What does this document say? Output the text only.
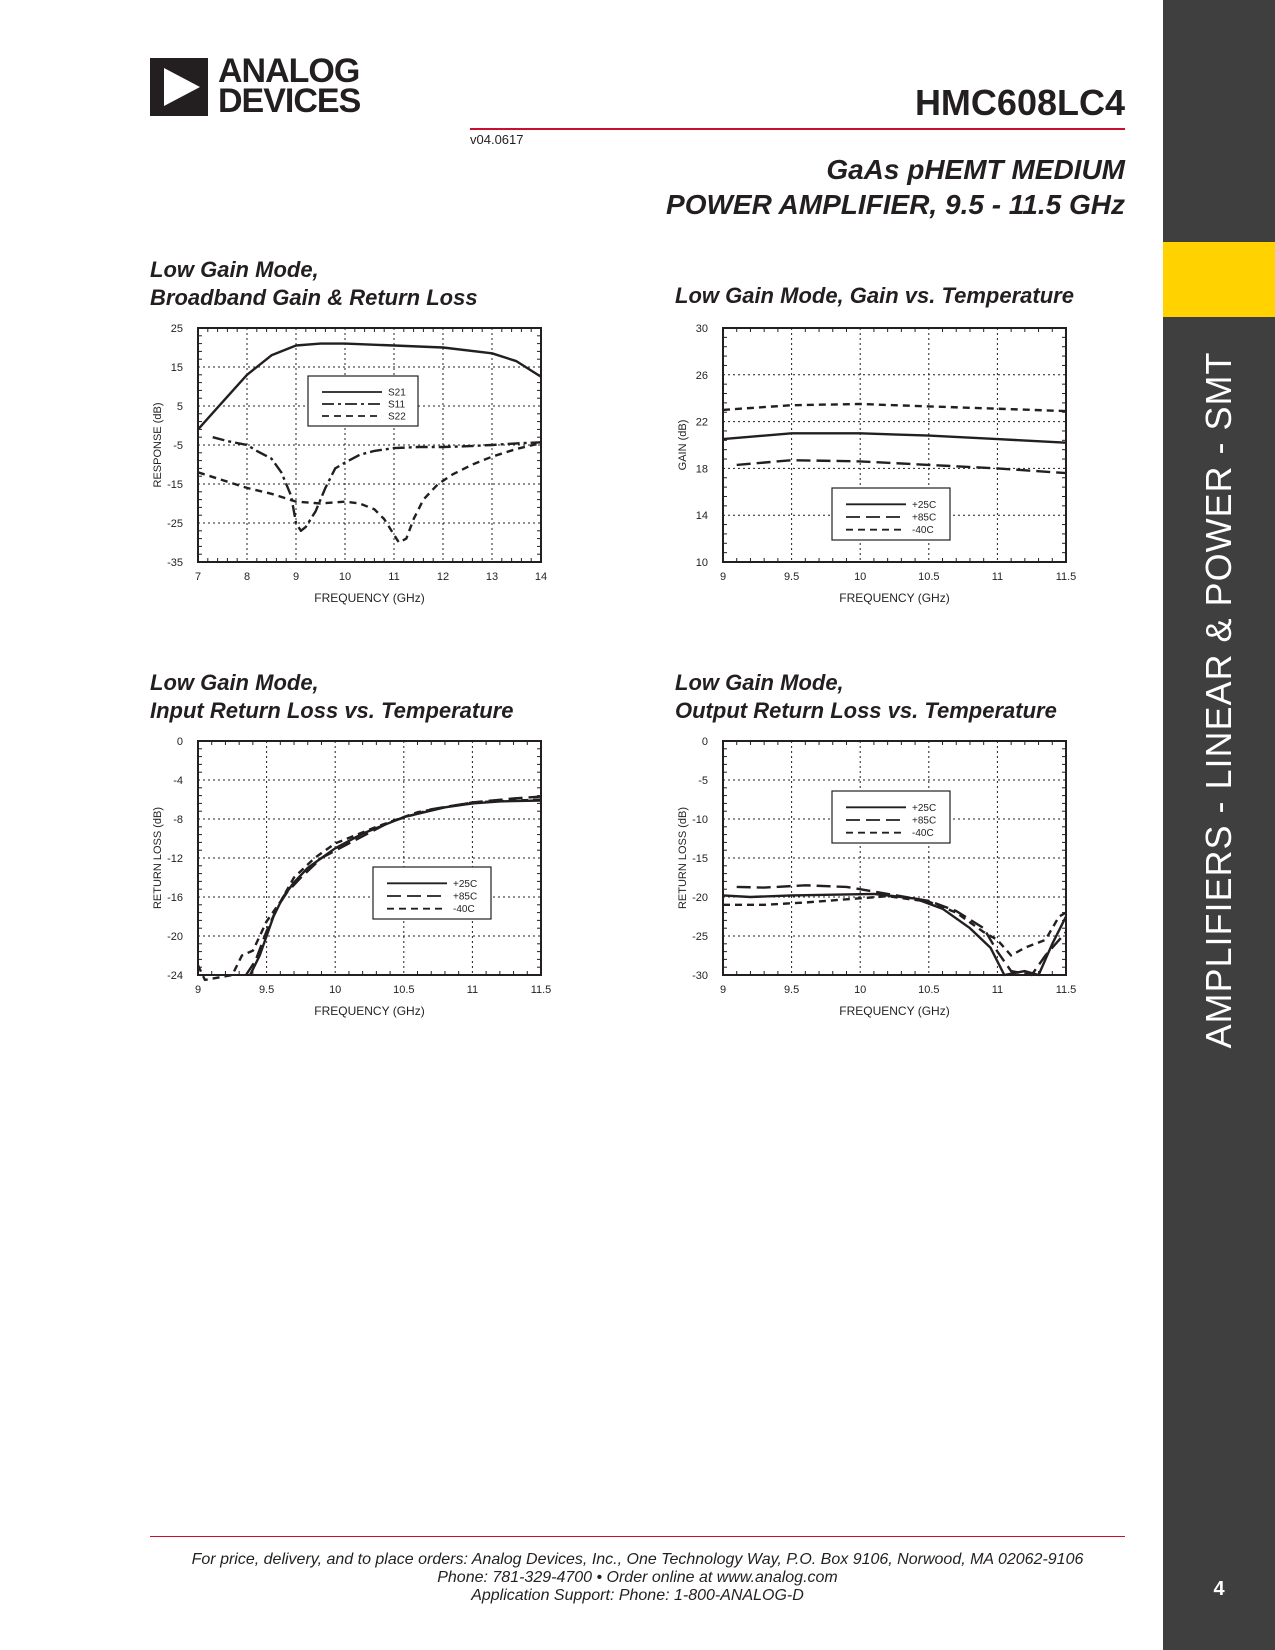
ANALOG
DEVICES	HMC608LC4
v04.0617
GaAs pHEMT MEDIUM
POWER AMPLIFIER, 9.5 - 11.5 GHz
AMPLIFIERS - LINEAR & POWER - SMT
4
Low Gain Mode,
Broadband Gain & Return Loss	Low Gain Mode, Gain vs. Temperature
Low Gain Mode,
Input Return Loss vs. Temperature
Low Gain Mode,
Output Return Loss vs. Temperature
7	8	9	10	11	12	13	14
-35
-25
-15
-5
5
15
25
FREQUENCY (GHz)
RESPONSE (dB)
S21
S11
S22
9	9.5	10	10.5	11	11.5
10
14
18
22
26
30
FREQUENCY (GHz)
GAIN (dB)
+25C
+85C
-40C
9	9.5	10	10.5	11	11.5
-24
-20
-16
-12
-8
-4
0
FREQUENCY (GHz)
RETURN LOSS (dB)	+25C
+85C
-40C
9	9.5	10	10.5	11	11.5
-30
-25
-20
-15
-10
-5
0
FREQUENCY (GHz)
RETURN LOSS (dB)	+25C
+85C
-40C
For price, delivery, and to place orders: Analog Devices, Inc., One Technology Way, P.O. Box 9106, Norwood, MA 02062-9106
Phone: 781-329-4700 • Order online at www.analog.com
Application Support: Phone: 1-800-ANALOG-D
